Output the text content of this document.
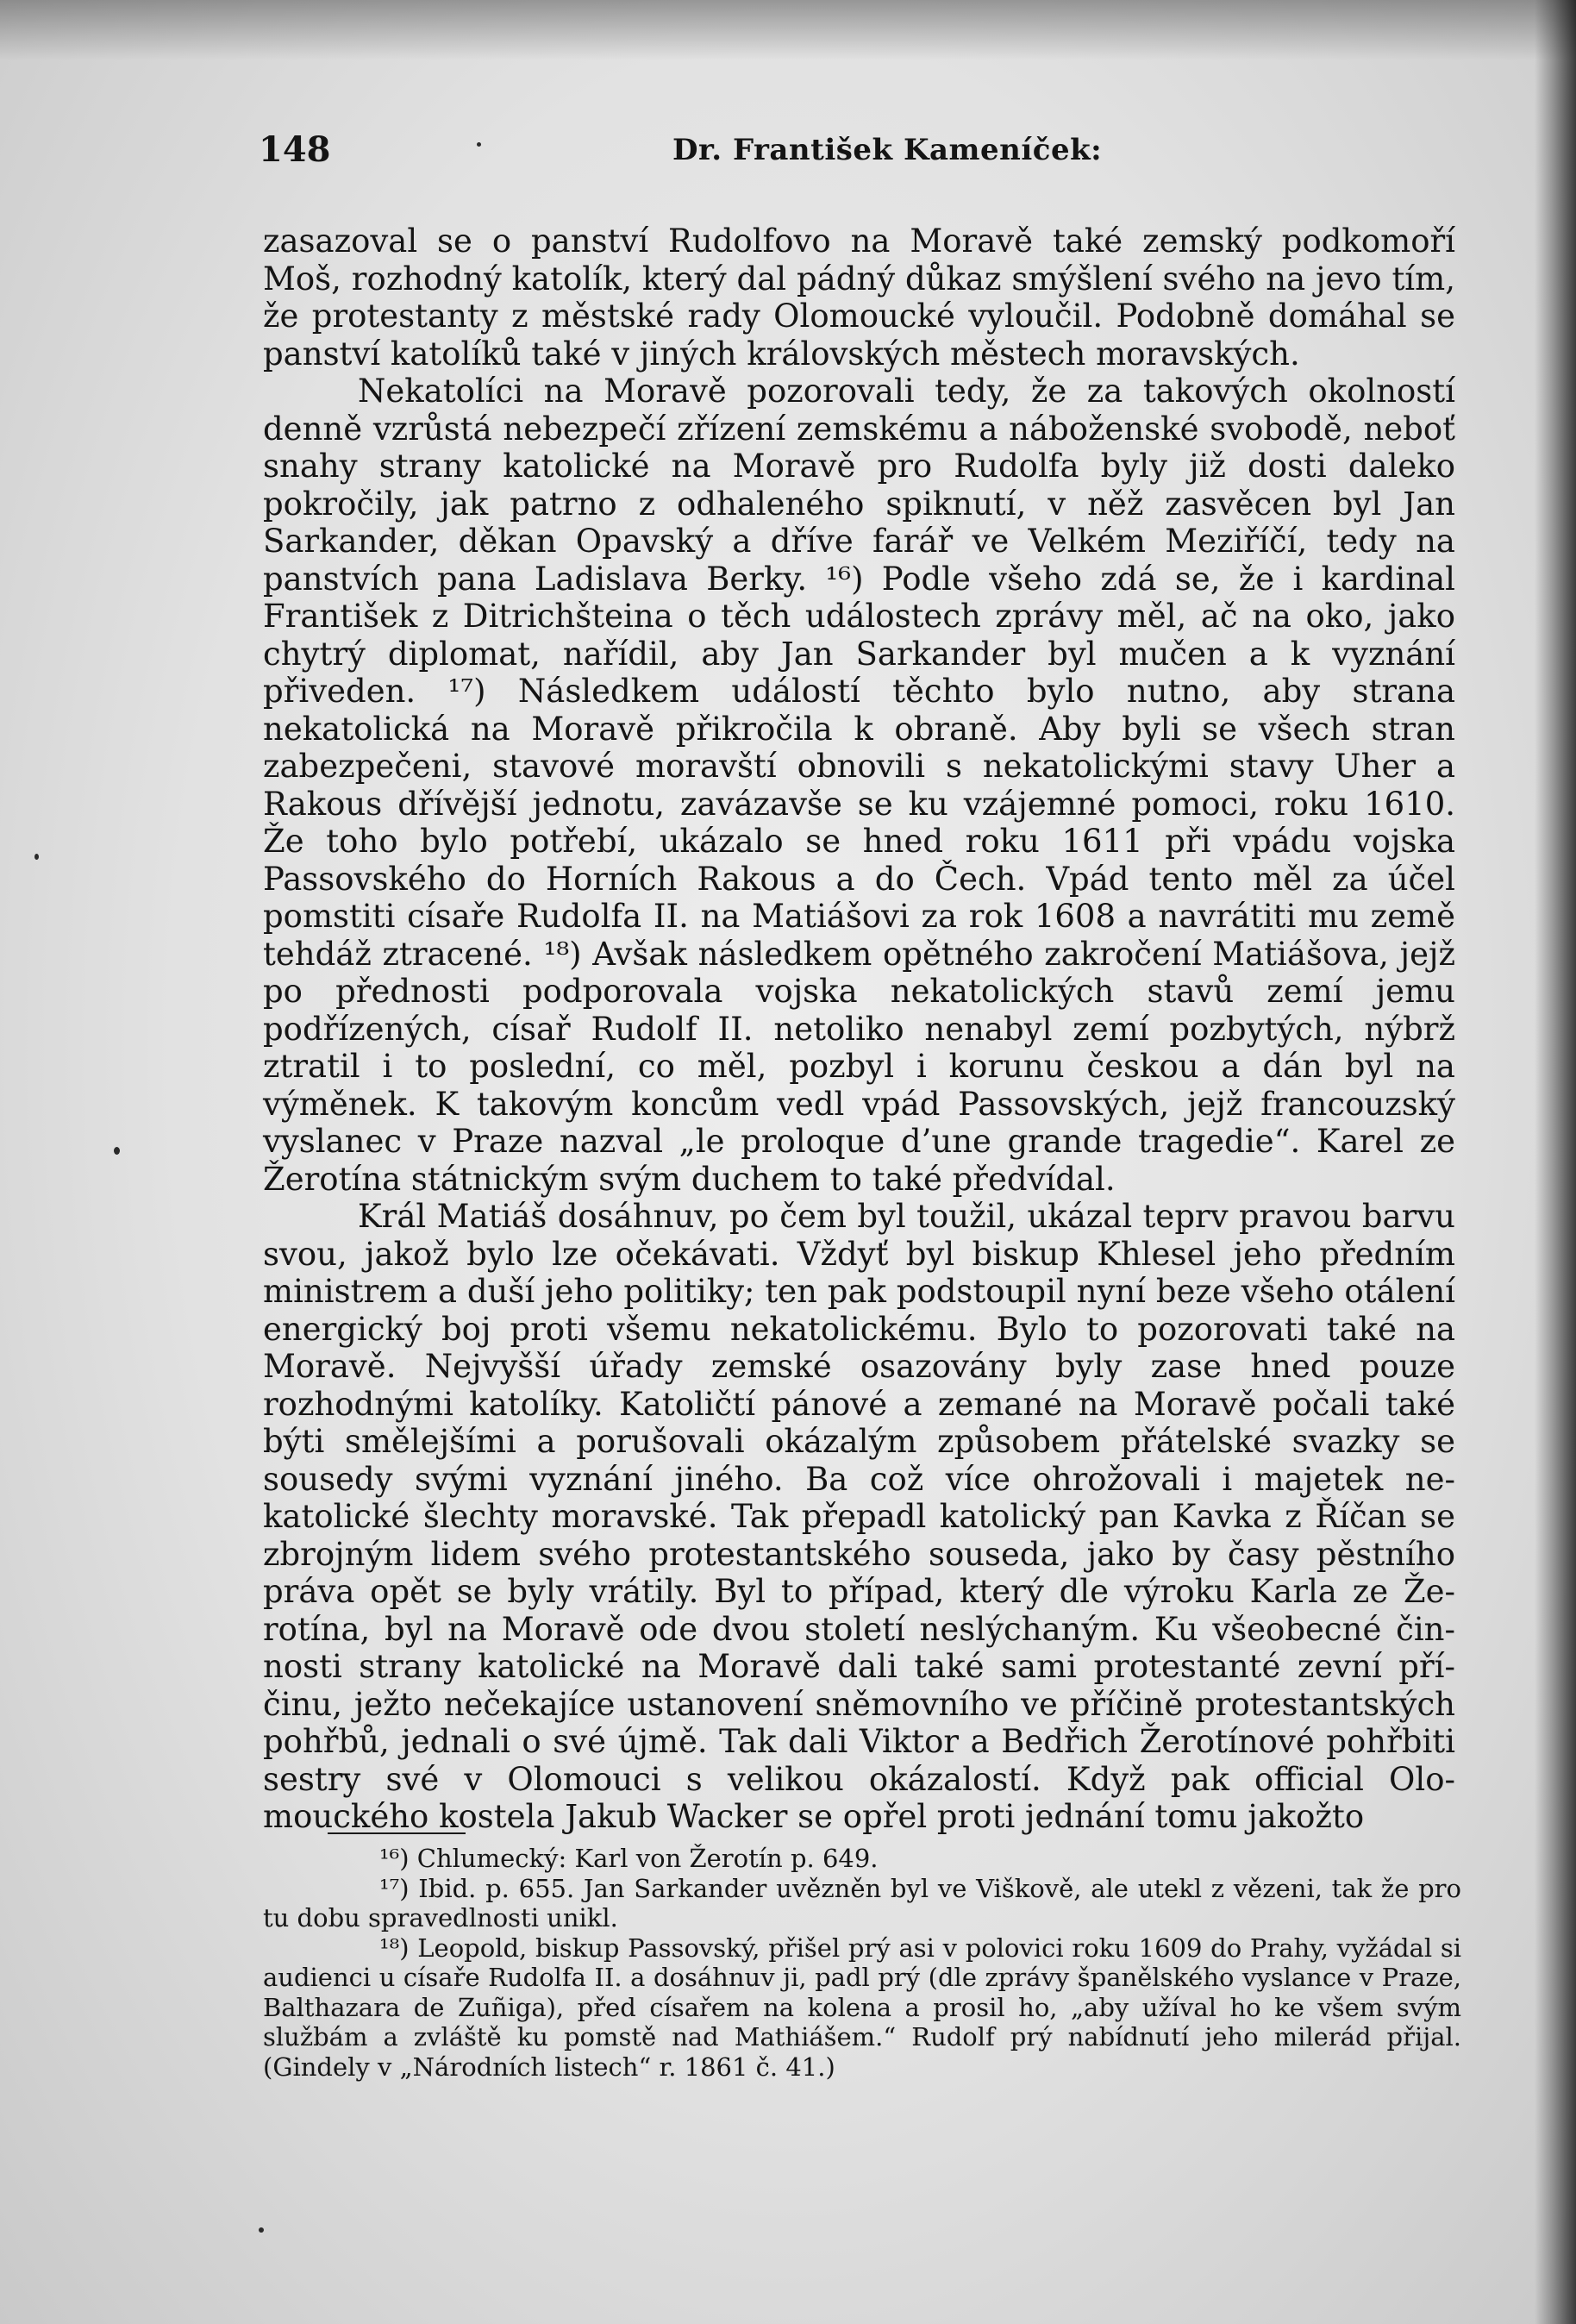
148	Dr. František Kameníček:

zasazoval se o panství Rudolfovo na Moravě také zemský podkomoří Moš, rozhodný katolík, který dal pádný důkaz smýšlení svého na jevo tím, že protestanty z městské rady Olomoucké vyloučil. Podobně domáhal se panství katolíků také v jiných královských městech moravských.

Nekatolíci na Moravě pozorovali tedy, že za takových okolností denně vzrůstá nebezpečí zřízení zemskému a náboženské svobodě, neboť snahy strany katolické na Moravě pro Rudolfa byly již dosti daleko pokročily, jak patrno z odhaleného spiknutí, v něž zasvěcen byl Jan Sarkander, děkan Opavský a dříve farář ve Velkém Meziříčí, tedy na panstvích pana Ladislava Berky. ¹⁶) Podle všeho zdá se, že i kardinal František z Ditrichšteina o těch událostech zprávy měl, ač na oko, jako chytrý diplomat, nařídil, aby Jan Sarkander byl mučen a k vyznání přiveden. ¹⁷) Následkem událostí těchto bylo nutno, aby strana nekatolická na Moravě přikročila k obraně. Aby byli se všech stran zabezpečeni, stavové moravští obnovili s nekatolickými stavy Uher a Rakous dřívější jednotu, zavázavše se ku vzájemné pomoci, roku 1610. Že toho bylo potřebí, ukázalo se hned roku 1611 při vpádu vojska Passovského do Horních Rakous a do Čech. Vpád tento měl za účel pomstiti císaře Rudolfa II. na Matiášovi za rok 1608 a navrátiti mu země tehdáž ztracené. ¹⁸) Avšak následkem opětného zakročení Matiášova, jejž po přednosti podporovala vojska nekatolických stavů zemí jemu podřízených, císař Rudolf II. netoliko nenabyl zemí pozbytých, nýbrž ztratil i to poslední, co měl, pozbyl i korunu českou a dán byl na výměnek. K takovým koncům vedl vpád Passovských, jejž francouzský vyslanec v Praze nazval „le proloque d’une grande tragedie“. Karel ze Žerotína státnickým svým duchem to také předvídal.

Král Matiáš dosáhnuv, po čem byl toužil, ukázal teprv pravou barvu svou, jakož bylo lze očekávati. Vždyť byl biskup Khlesel jeho předním ministrem a duší jeho politiky; ten pak podstoupil nyní beze všeho otálení energický boj proti všemu nekatolickému. Bylo to pozorovati také na Moravě. Nejvyšší úřady zemské osazovány byly zase hned pouze rozhodnými katolíky. Katoličtí pánové a zemané na Moravě počali také býti smělejšími a porušovali okázalým způsobem přátelské svazky se sousedy svými vyznání jiného. Ba což více ohrožovali i majetek nekatolické šlechty moravské. Tak přepadl katolický pan Kavka z Říčan se zbrojným lidem svého protestantského souseda, jako by časy pěstního práva opět se byly vrátily. Byl to případ, který dle výroku Karla ze Žerotína, byl na Moravě ode dvou století neslýchaným. Ku všeobecné činnosti strany katolické na Moravě dali také sami protestanté zevní příčinu, ježto nečekajíce ustanovení sněmovního ve příčině protestantských pohřbů, jednali o své újmě. Tak dali Viktor a Bedřich Žerotínové pohřbiti sestry své v Olomouci s velikou okázalostí. Když pak official Olomouckého kostela Jakub Wacker se opřel proti jednání tomu jakožto

¹⁶) Chlumecký: Karl von Žerotín p. 649.

¹⁷) Ibid. p. 655. Jan Sarkander uvězněn byl ve Viškově, ale utekl z vězeni, tak že pro tu dobu spravedlnosti unikl.

¹⁸) Leopold, biskup Passovský, přišel prý asi v polovici roku 1609 do Prahy, vyžádal si audienci u císaře Rudolfa II. a dosáhnuv ji, padl prý (dle zprávy španělského vyslance v Praze, Balthazara de Zuñiga), před císařem na kolena a prosil ho, „aby užíval ho ke všem svým službám a zvláště ku pomstě nad Mathiášem.“ Rudolf prý nabídnutí jeho milerád přijal. (Gindely v „Národních listech“ r. 1861 č. 41.)
